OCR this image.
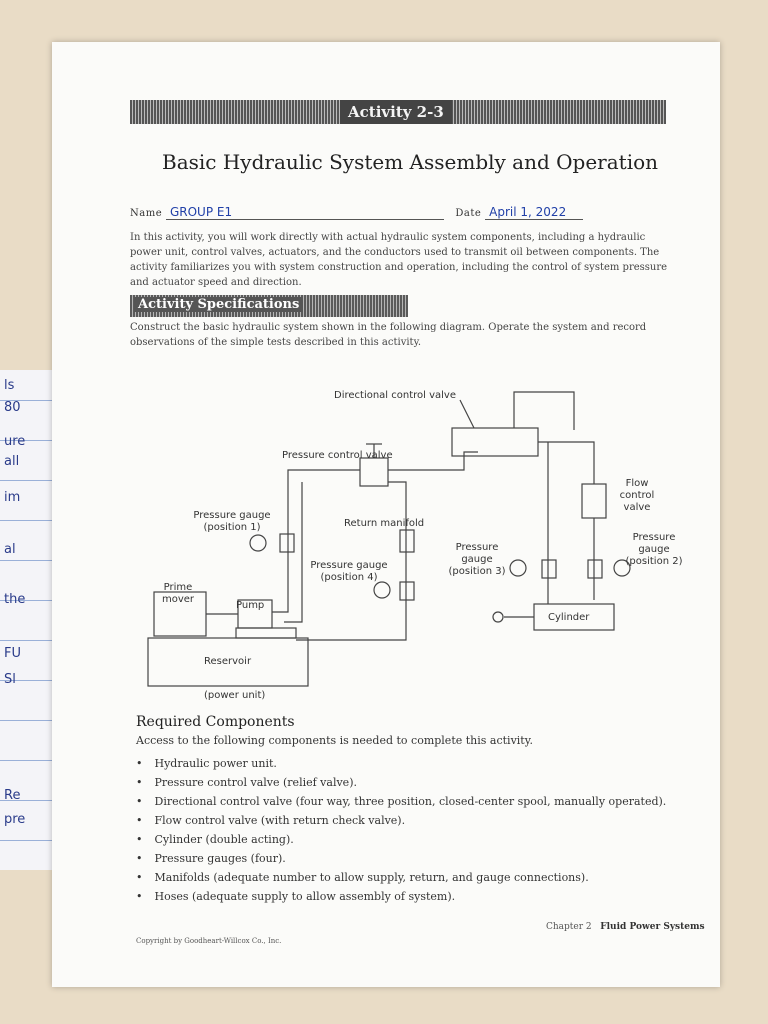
ls
80
ure
all
im
al
the
FU
Sl
Re
pre
Activity 2-3
Basic Hydraulic System Assembly and Operation
Name GROUP E1	Date April 1, 2022
In this activity, you will work directly with actual hydraulic system components, including a hydraulic power unit, control valves, actuators, and the conductors used to transmit oil between components. The activity familiarizes you with system construction and operation, including the control of system pressure and actuator speed and direction.
Activity Specifications
Construct the basic hydraulic system shown in the following diagram. Operate the system and record observations of the simple tests described in this activity.
Directional control valve
Pressure control valve
Flow control valve
Pressure gauge (position 1)	Return manifold
Pressure gauge (position 3)
Pressure gauge (position 2)
Pressure gauge (position 4)
Prime mover
Pump
Cylinder
Reservoir
(power unit)
Required Components
Access to the following components is needed to complete this activity.
• Hydraulic power unit.
• Pressure control valve (relief valve).
• Directional control valve (four way, three position, closed-center spool, manually operated).
• Flow control valve (with return check valve).
• Cylinder (double acting).
• Pressure gauges (four).
• Manifolds (adequate number to allow supply, return, and gauge connections).
• Hoses (adequate supply to allow assembly of system).
Chapter 2 Fluid Power Systems
Copyright by Goodheart-Willcox Co., Inc.
